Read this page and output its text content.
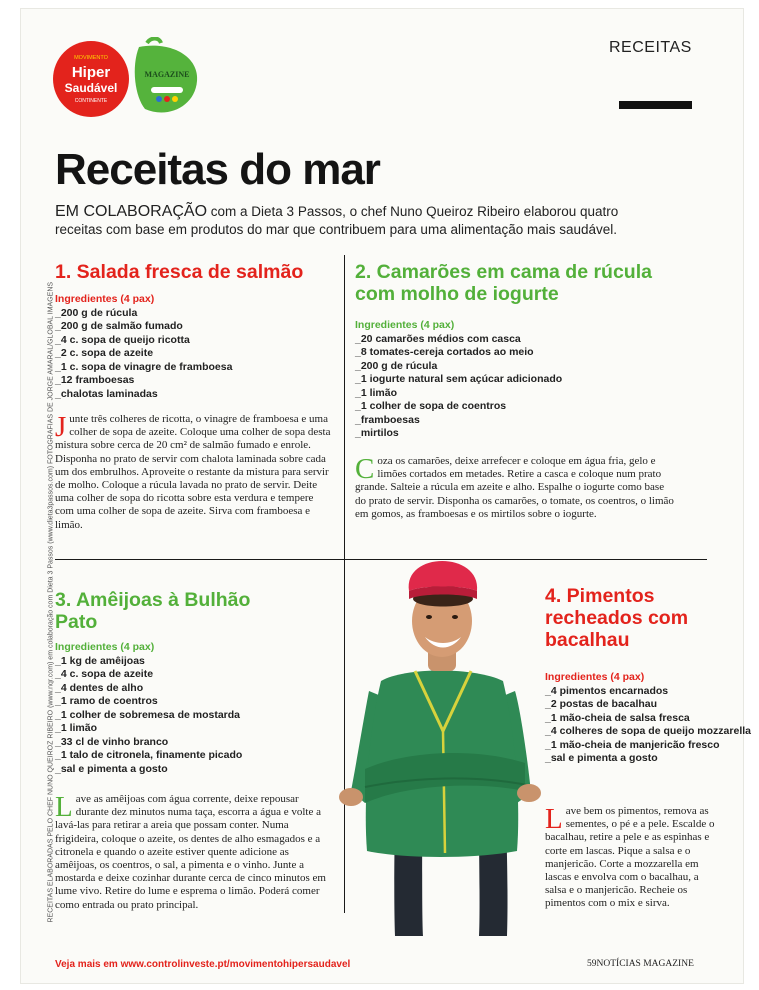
MOVIMENTO
Hiper
Saudável
CONTINENTE
MAGAZINE
RECEITAS
Receitas do mar
EM COLABORAÇÃO com a Dieta 3 Passos, o chef Nuno Queiroz Ribeiro elaborou quatro receitas com base em produtos do mar que contribuem para uma alimentação mais saudável.
1. Salada fresca de salmão
Ingredientes (4 pax)
_ 200 g de rúcula
_ 200 g de salmão fumado
_ 4 c. sopa de queijo ricotta
_ 2 c. sopa de azeite
_ 1 c. sopa de vinagre de framboesa
_ 12 framboesas
_ chalotas laminadas
Junte três colheres de ricotta, o vinagre de framboesa e uma colher de sopa de azeite. Coloque uma colher de sopa desta mistura sobre cerca de 20 cm² de salmão fumado e enrole. Disponha no prato de servir com chalota laminada sobre cada um dos embrulhos. Aproveite o restante da mistura para servir de molho. Coloque a rúcula lavada no prato de servir. Deite uma colher de sopa do ricotta sobre esta verdura e tempere com uma colher de sopa de azeite. Sirva com framboesa e limão.
2. Camarões em cama de rúcula com molho de iogurte
Ingredientes (4 pax)
_ 20 camarões médios com casca
_ 8 tomates-cereja cortados ao meio
_ 200 g de rúcula
_ 1 iogurte natural sem açúcar adicionado
_ 1 limão
_ 1 colher de sopa de coentros
_ framboesas
_ mirtilos
Coza os camarões, deixe arrefecer e coloque em água fria, gelo e limões cortados em metades. Retire a casca e coloque num prato grande. Salteie a rúcula em azeite e alho. Espalhe o iogurte como base do prato de servir. Disponha os camarões, o tomate, os coentros, o limão em gomos, as framboesas e os mirtilos sobre o iogurte.
3. Amêijoas à Bulhão Pato
Ingredientes (4 pax)
_ 1 kg de amêijoas
_ 4 c. sopa de azeite
_ 4 dentes de alho
_ 1 ramo de coentros
_ 1 colher de sobremesa de mostarda
_ 1 limão
_ 33 cl de vinho branco
_ 1 talo de citronela, finamente picado
_ sal e pimenta a gosto
Lave as amêijoas com água corrente, deixe repousar durante dez minutos numa taça, escorra a água e volte a lavá-las para retirar a areia que possam conter. Numa frigideira, coloque o azeite, os dentes de alho esmagados e a citronela e quando o azeite estiver quente adicione as amêijoas, os coentros, o sal, a pimenta e o vinho. Junte a mostarda e deixe cozinhar durante cerca de cinco minutos em lume vivo. Retire do lume e esprema o limão. Poderá comer como entrada ou prato principal.
4. Pimentos recheados com bacalhau
Ingredientes (4 pax)
_ 4 pimentos encarnados
_ 2 postas de bacalhau
_ 1 mão-cheia de salsa fresca
_ 4 colheres de sopa de queijo mozzarella
_ 1 mão-cheia de manjericão fresco
_ sal e pimenta a gosto
Lave bem os pimentos, remova as sementes, o pé e a pele. Escalde o bacalhau, retire a pele e as espinhas e corte em lascas. Pique a salsa e o manjericão. Corte a mozzarella em lascas e envolva com o bacalhau, a salsa e o manjericão. Recheie os pimentos com o mix e sirva.
RECEITAS ELABORADAS PELO CHEF NUNO QUEIROZ RIBEIRO (www.nqr.com) em colaboração com Dieta 3 Passos (www.dieta3passos.com) FOTOGRAFIAS DE JORGE AMARAL/GLOBAL IMAGENS
Veja mais em www.controlinveste.pt/movimentohipersaudavel	59NOTÍCIAS MAGAZINE
